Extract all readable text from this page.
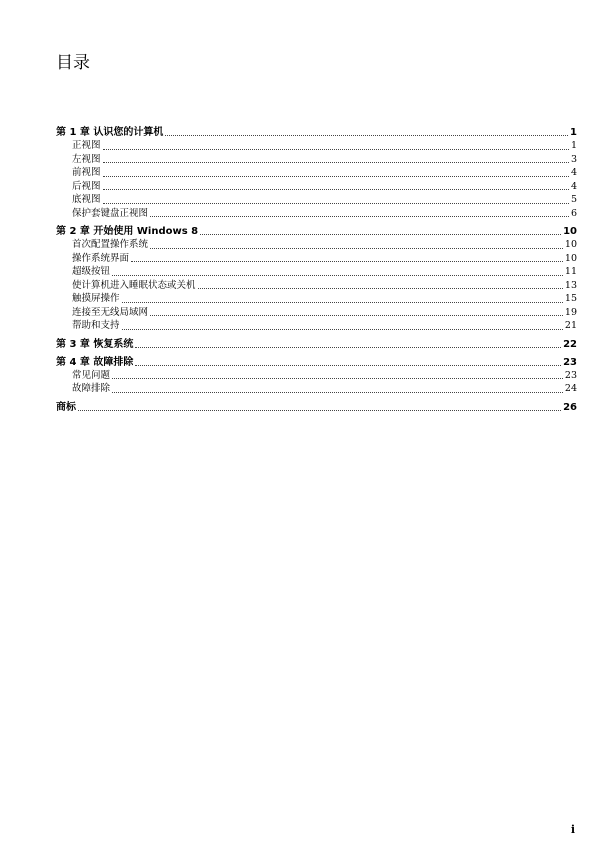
目录
第 1 章 认识您的计算机	1
正视图	1
左视图	3
前视图	4
后视图	4
底视图	5
保护套键盘正视图	6
第 2 章 开始使用 Windows 8	10
首次配置操作系统	10
操作系统界面	10
超级按钮	11
使计算机进入睡眠状态或关机	13
触摸屏操作	15
连接至无线局域网	19
帮助和支持	21
第 3 章 恢复系统	22
第 4 章 故障排除	23
常见问题	23
故障排除	24
商标	26
i
